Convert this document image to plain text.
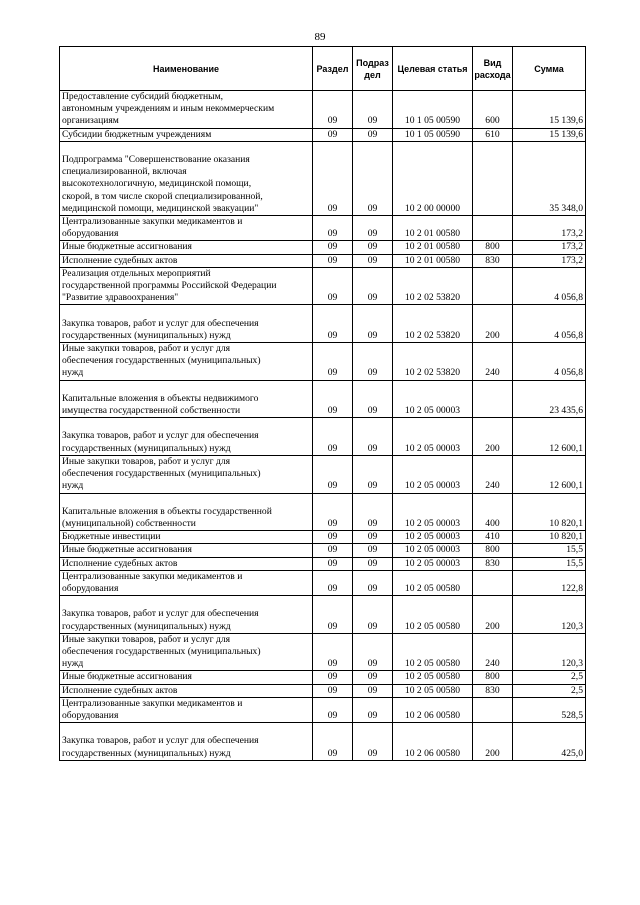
89
Наименование	Раздел	Подраз дел	Целевая статья	Вид расхода	Сумма
Предоставление субсидий бюджетным,
автономным учреждениям и иным некоммерческим
организациям	09	09	10 1 05 00590	600	15 139,6
Субсидии бюджетным учреждениям	09	09	10 1 05 00590	610	15 139,6

Подпрограмма "Совершенствование оказания
специализированной, включая
высокотехнологичную, медицинской помощи,
скорой, в том числе скорой специализированной,
медицинской помощи, медицинской эвакуации"	09	09	10 2 00 00000		35 348,0
Централизованные закупки медикаментов и
оборудования	09	09	10 2 01 00580		173,2
Иные бюджетные ассигнования	09	09	10 2 01 00580	800	173,2
Исполнение судебных актов	09	09	10 2 01 00580	830	173,2
Реализация отдельных мероприятий
государственной программы Российской Федерации
"Развитие здравоохранения"	09	09	10 2 02 53820		4 056,8

Закупка товаров, работ и услуг для обеспечения
государственных (муниципальных) нужд	09	09	10 2 02 53820	200	4 056,8
Иные закупки товаров, работ и услуг для
обеспечения государственных (муниципальных)
нужд	09	09	10 2 02 53820	240	4 056,8

Капитальные вложения в объекты недвижимого
имущества государственной собственности	09	09	10 2 05 00003		23 435,6

Закупка товаров, работ и услуг для обеспечения
государственных (муниципальных) нужд	09	09	10 2 05 00003	200	12 600,1
Иные закупки товаров, работ и услуг для
обеспечения государственных (муниципальных)
нужд	09	09	10 2 05 00003	240	12 600,1

Капитальные вложения в объекты государственной
(муниципальной) собственности	09	09	10 2 05 00003	400	10 820,1
Бюджетные инвестиции	09	09	10 2 05 00003	410	10 820,1
Иные бюджетные ассигнования	09	09	10 2 05 00003	800	15,5
Исполнение судебных актов	09	09	10 2 05 00003	830	15,5
Централизованные закупки медикаментов и
оборудования	09	09	10 2 05 00580		122,8

Закупка товаров, работ и услуг для обеспечения
государственных (муниципальных) нужд	09	09	10 2 05 00580	200	120,3
Иные закупки товаров, работ и услуг для
обеспечения государственных (муниципальных)
нужд	09	09	10 2 05 00580	240	120,3
Иные бюджетные ассигнования	09	09	10 2 05 00580	800	2,5
Исполнение судебных актов	09	09	10 2 05 00580	830	2,5
Централизованные закупки медикаментов и
оборудования	09	09	10 2 06 00580		528,5

Закупка товаров, работ и услуг для обеспечения
государственных (муниципальных) нужд	09	09	10 2 06 00580	200	425,0
